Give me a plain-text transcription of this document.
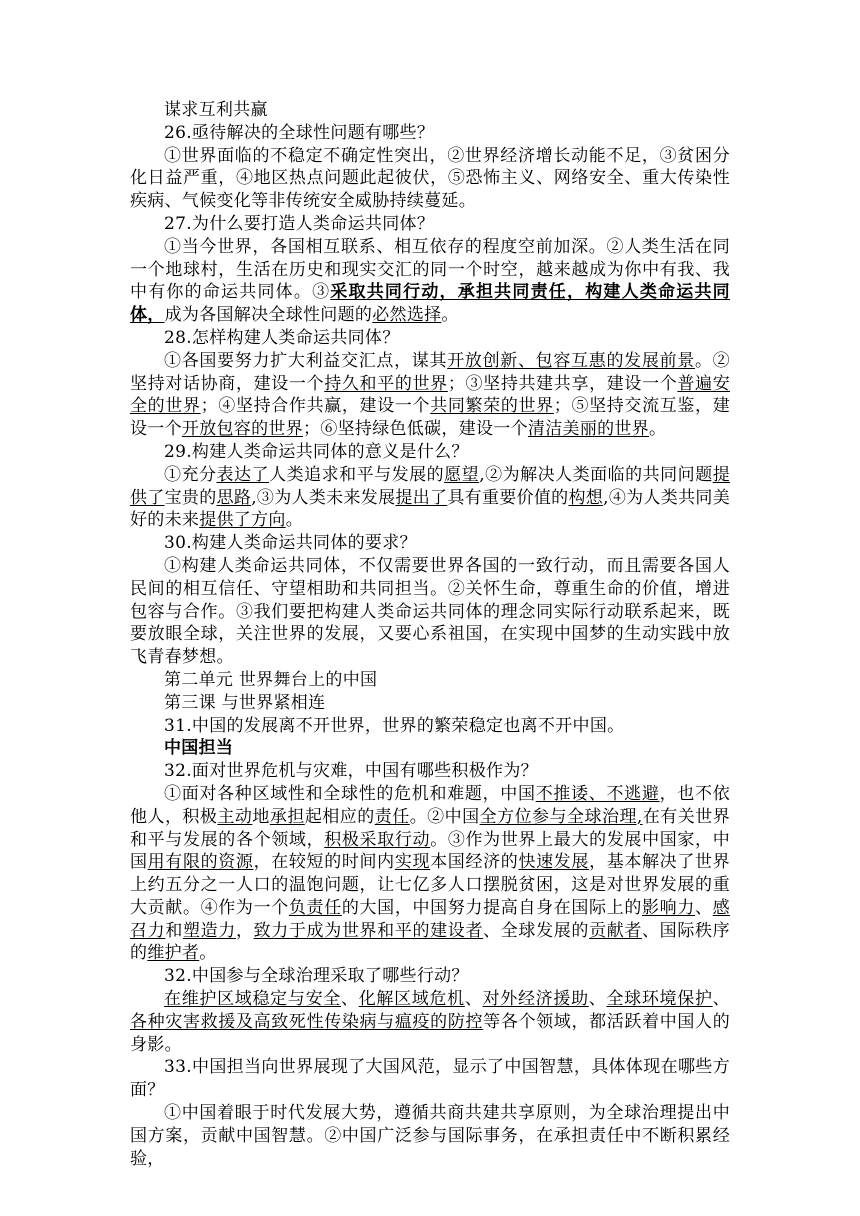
谋求互利共赢

26.亟待解决的全球性问题有哪些？

①世界面临的不稳定不确定性突出，②世界经济增长动能不足，③贫困分化日益严重，④地区热点问题此起彼伏，⑤恐怖主义、网络安全、重大传染性疾病、气候变化等非传统安全威胁持续蔓延。

27.为什么要打造人类命运共同体？

①当今世界，各国相互联系、相互依存的程度空前加深。②人类生活在同一个地球村，生活在历史和现实交汇的同一个时空，越来越成为你中有我、我中有你的命运共同体。③采取共同行动，承担共同责任，构建人类命运共同体，成为各国解决全球性问题的必然选择。

28.怎样构建人类命运共同体？

①各国要努力扩大利益交汇点，谋其开放创新、包容互惠的发展前景。②坚持对话协商，建设一个持久和平的世界；③坚持共建共享，建设一个普遍安全的世界；④坚持合作共赢，建设一个共同繁荣的世界；⑤坚持交流互鉴，建设一个开放包容的世界；⑥坚持绿色低碳，建设一个清洁美丽的世界。

29.构建人类命运共同体的意义是什么？

①充分表达了人类追求和平与发展的愿望,②为解决人类面临的共同问题提供了宝贵的思路,③为人类未来发展提出了具有重要价值的构想,④为人类共同美好的未来提供了方向。

30.构建人类命运共同体的要求？

①构建人类命运共同体，不仅需要世界各国的一致行动，而且需要各国人民间的相互信任、守望相助和共同担当。②关怀生命，尊重生命的价值，增进包容与合作。③我们要把构建人类命运共同体的理念同实际行动联系起来，既要放眼全球，关注世界的发展，又要心系祖国，在实现中国梦的生动实践中放飞青春梦想。

第二单元 世界舞台上的中国

第三课 与世界紧相连

31.中国的发展离不开世界，世界的繁荣稳定也离不开中国。

中国担当

32.面对世界危机与灾难，中国有哪些积极作为？

①面对各种区域性和全球性的危机和难题，中国不推诿、不逃避，也不依他人，积极主动地承担起相应的责任。②中国全方位参与全球治理,在有关世界和平与发展的各个领域，积极采取行动。③作为世界上最大的发展中国家，中国用有限的资源，在较短的时间内实现本国经济的快速发展，基本解决了世界上约五分之一人口的温饱问题，让七亿多人口摆脱贫困，这是对世界发展的重大贡献。④作为一个负责任的大国，中国努力提高自身在国际上的影响力、感召力和塑造力，致力于成为世界和平的建设者、全球发展的贡献者、国际秩序的维护者。

32.中国参与全球治理采取了哪些行动？

在维护区域稳定与安全、化解区域危机、对外经济援助、全球环境保护、各种灾害救援及高致死性传染病与瘟疫的防控等各个领域，都活跃着中国人的身影。

33.中国担当向世界展现了大国风范，显示了中国智慧，具体体现在哪些方面？

①中国着眼于时代发展大势，遵循共商共建共享原则，为全球治理提出中国方案，贡献中国智慧。②中国广泛参与国际事务，在承担责任中不断积累经验，
